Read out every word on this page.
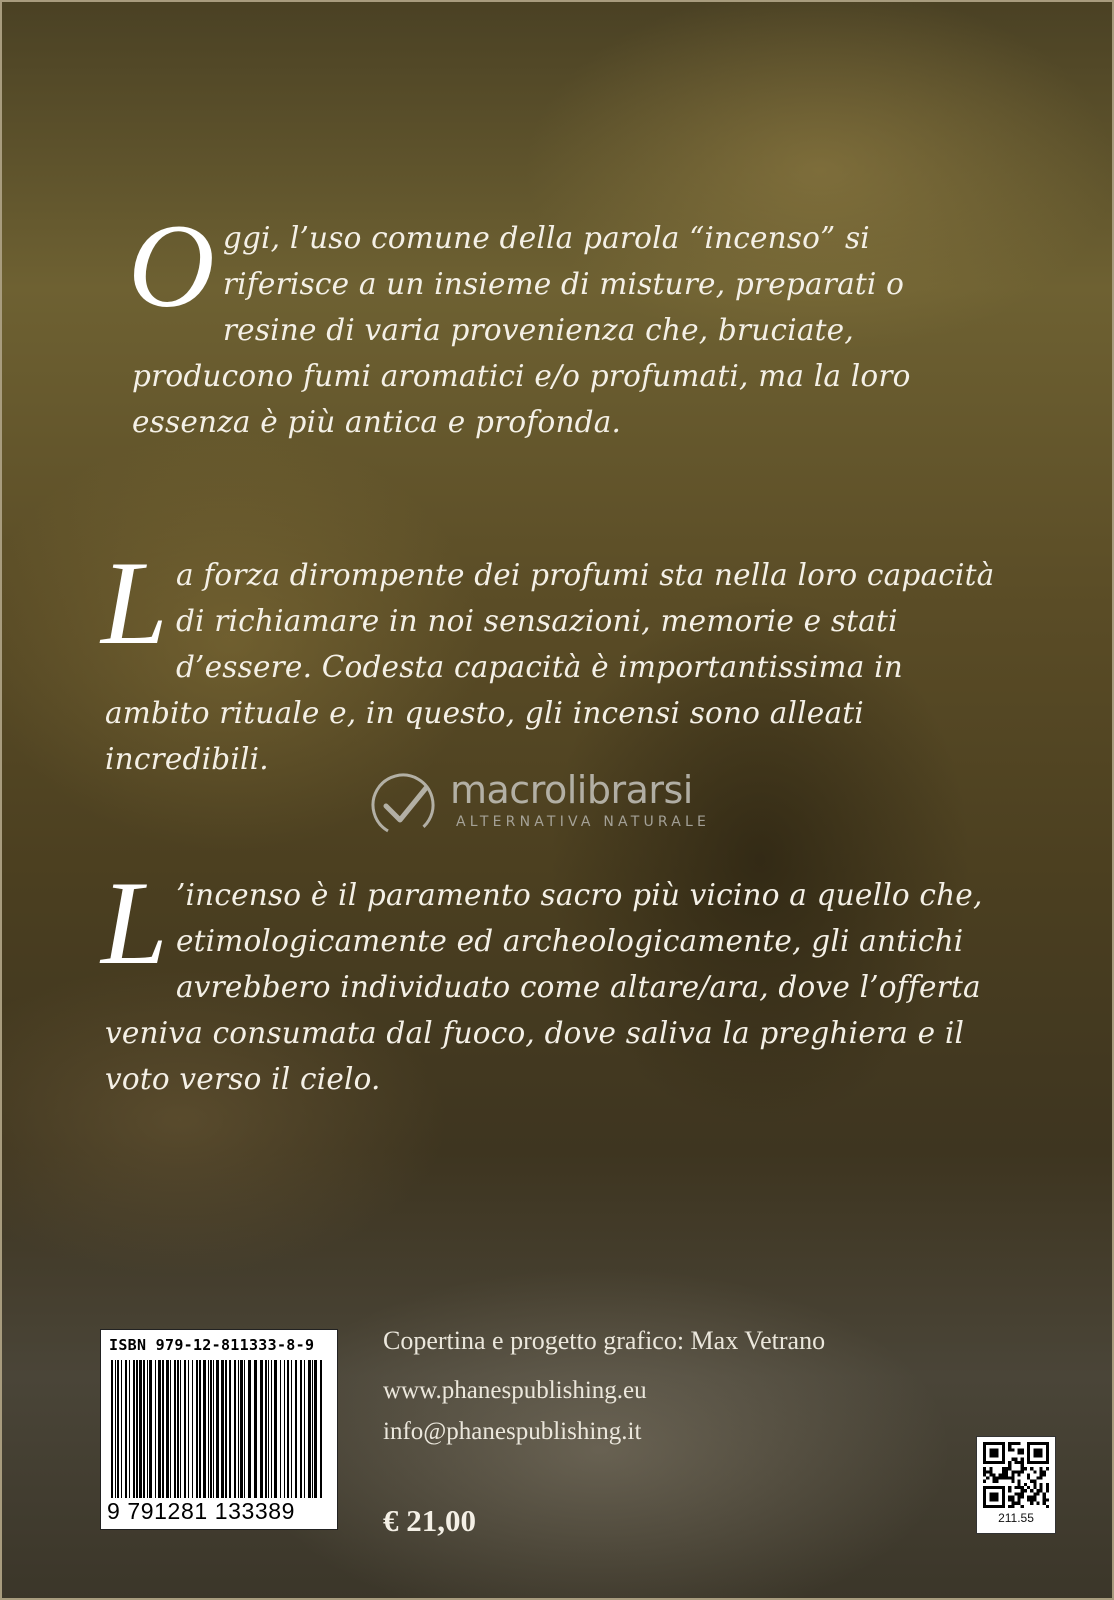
Oggi, l’uso comune della parola “incenso” si riferisce a un insieme di misture, preparati o resine di varia provenienza che, bruciate, producono fumi aromatici e/o profumati, ma la loro essenza è più antica e profonda.

La forza dirompente dei profumi sta nella loro capacità di richiamare in noi sensazioni, memorie e stati d’essere. Codesta capacità è importantissima in ambito rituale e, in questo, gli incensi sono alleati incredibili.

L ’incenso è il paramento sacro più vicino a quello che, etimologicamente ed archeologicamente, gli antichi avrebbero individuato come altare/ara, dove l’offerta veniva consumata dal fuoco, dove saliva la preghiera e il voto verso il cielo.

macrolibrarsi
ALTERNATIVA NATURALE
ISBN 979-12-811333-8-9
9 791281 133389
Copertina e progetto grafico: Max Vetrano
www.phanespublishing.eu
info@phanespublishing.it
€ 21,00	211.55
